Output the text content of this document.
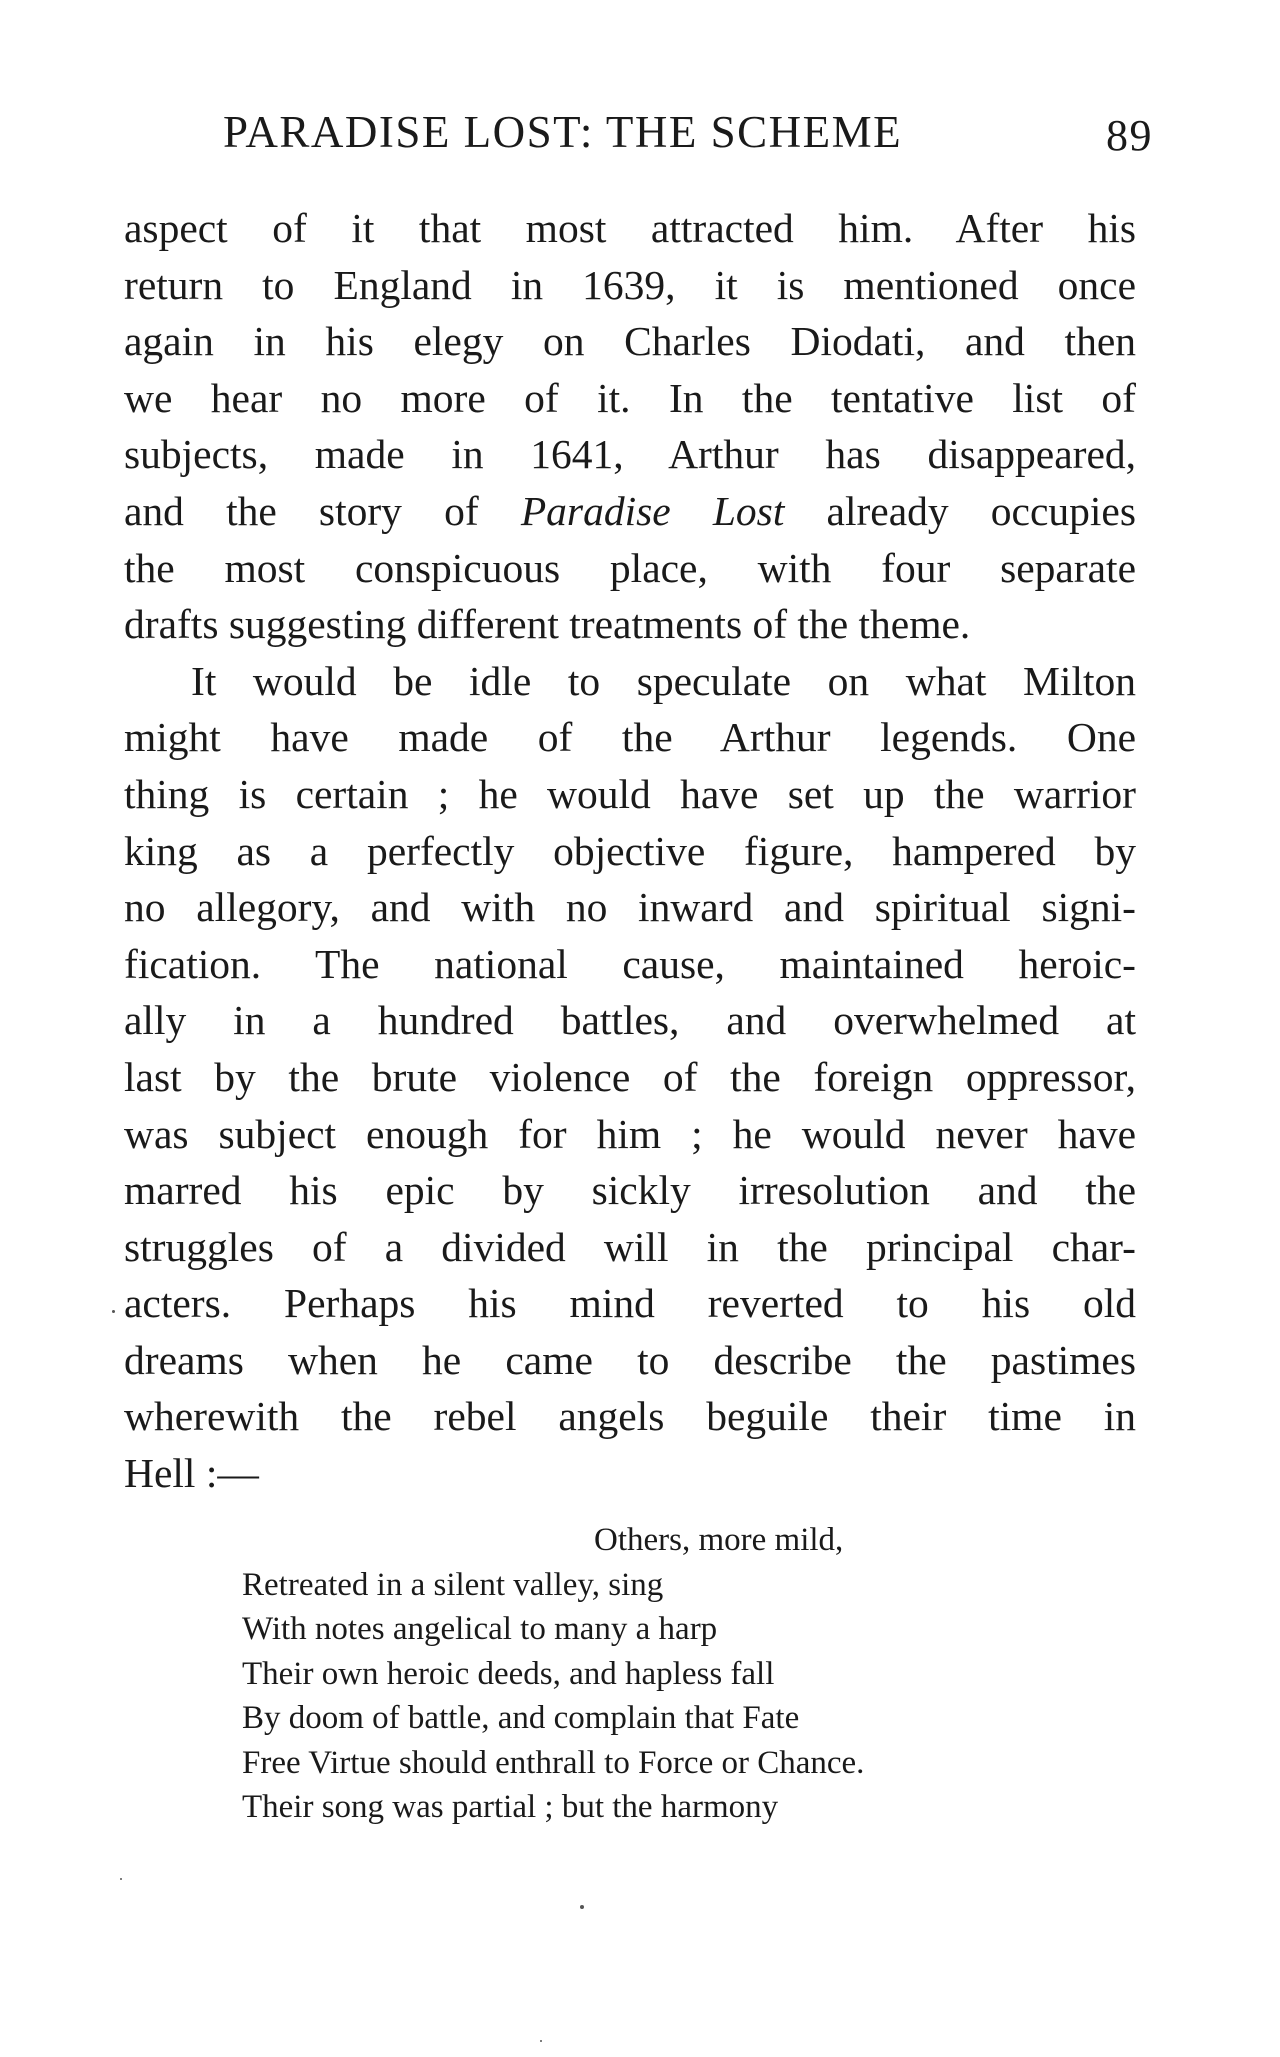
PARADISE LOST: THE SCHEME	89
aspect of it that most attracted him. After his
return to England in 1639, it is mentioned once
again in his elegy on Charles Diodati, and then
we hear no more of it. In the tentative list of
subjects, made in 1641, Arthur has disappeared,
and the story of Paradise Lost already occupies
the most conspicuous place, with four separate
drafts suggesting different treatments of the theme.
It would be idle to speculate on what Milton
might have made of the Arthur legends. One
thing is certain ; he would have set up the warrior
king as a perfectly objective figure, hampered by
no allegory, and with no inward and spiritual signi-
fication. The national cause, maintained heroic-
ally in a hundred battles, and overwhelmed at
last by the brute violence of the foreign oppressor,
was subject enough for him ; he would never have
marred his epic by sickly irresolution and the
struggles of a divided will in the principal char-
acters. Perhaps his mind reverted to his old
dreams when he came to describe the pastimes
wherewith the rebel angels beguile their time in
Hell :—
Others, more mild,
Retreated in a silent valley, sing
With notes angelical to many a harp
Their own heroic deeds, and hapless fall
By doom of battle, and complain that Fate
Free Virtue should enthrall to Force or Chance.
Their song was partial ; but the harmony
